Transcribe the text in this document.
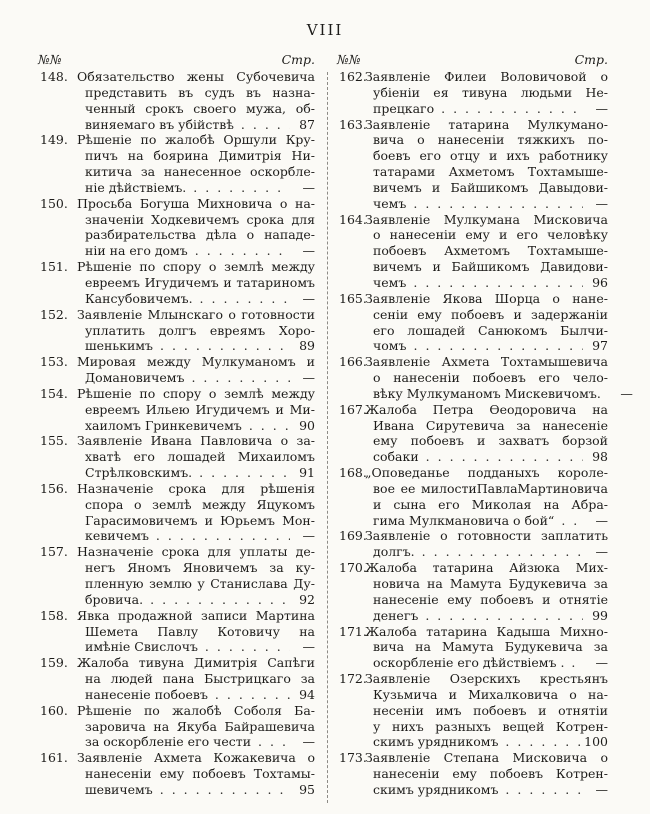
VIII
№№	Стр.
148. Обязательство жены Субочевича
представить въ судъ въ назна-
ченный срокъ своего мужа, об-
виняемаго въ убійствѣ .....	87
149. Рѣшеніе по жалобѣ Оршули Кру-
пичъ на боярина Димитрія Ни-
китича за нанесенное оскорбле-
ніе дѣйствіемъ. .....	—
150. Просьба Богуша Михновича о на-
значеніи Ходкевичемъ срока для
разбирательства дѣла о нападе-
ніи на его домъ .....	—
151. Рѣшеніе по спору о землѣ между
евреемъ Игудичемъ и татариномъ
Кансубовичемъ. .....	—
152. Заявленіе Млынскаго о готовности
уплатить долгъ евреямъ Хоро-
шенькимъ .....	89
153. Мировая между Мулкуманомъ и
Домановичемъ .....	—
154. Рѣшеніе по спору о землѣ между
евреемъ Ильею Игудичемъ и Ми-
хаиломъ Гринкевичемъ .....	90
155. Заявленіе Ивана Павловича о за-
хватѣ его лошадей Михаиломъ
Стрѣлковскимъ. .....	91
156. Назначеніе срока для рѣшенія
спора о землѣ между Яцукомъ
Гарасимовичемъ и Юрьемъ Мон-
кевичемъ .....	—
157. Назначеніе срока для уплаты де-
негъ Яномъ Яновичемъ за ку-
пленную землю у Станислава Ду-
бровича. .....	92
158. Явка продажной записи Мартина
Шемета Павлу Котовичу на
имѣніе Свислочъ .....	—
159. Жалоба тивуна Димитрія Сапѣги
на людей пана Быстрицкаго за
нанесеніе побоевъ .....	94
160. Рѣшеніе по жалобѣ Соболя Ба-
заровича на Якуба Байрашевича
за оскорбленіе его чести .....	—
161. Заявленіе Ахмета Кожакевича о
нанесеніи ему побоевъ Тохтамы-
шевичемъ .....	95
№№	Стр.
162.
Заявленіе Филеи Воловичовой о
убіеніи ея тивуна людьми Не-
прецкаго .....	—
163.
Заявленіе татарина Мулкумано-
вича о нанесеніи тяжкихъ по-
боевъ его отцу и ихъ работнику
татарами Ахметомъ Тохтамыше-
вичемъ и Байшикомъ Давыдови-
чемъ .....	—
164.
Заявленіе Мулкумана Мисковича
о нанесеніи ему и его человѣку
побоевъ Ахметомъ Тохтамыше-
вичемъ и Байшикомъ Давидови-
чемъ .....	96
165.
Заявленіе Якова Шорца о нане-
сеніи ему побоевъ и задержаніи
его лошадей Санюкомъ Былчи-
чомъ .....	97
166.
Заявленіе Ахмета Тохтамышевича
о нанесеніи побоевъ его чело-
вѣку Мулкуманомъ Мискевичомъ.	—
167.
Жалоба Петра Ѳеодоровича на
Ивана Сирутевича за нанесеніе
ему побоевъ и захватъ борзой
собаки .....	98
168.
„Оповеданье подданыхъ короле-
вое ее милостиПавлаМартиновича
и сына его Миколая на Абра-
гима Мулкмановича о бой“ .....	—
169.
Заявленіе о готовности заплатить
долгъ. .....	—
170.
Жалоба татарина Айзюка Мих-
новича на Мамута Будукевича за
нанесеніе ему побоевъ и отнятіе
денегъ .....	99
171.
Жалоба татарина Кадыша Михно-
вича на Мамута Будукевича за
оскорбленіе его дѣйствіемъ . .....	—
172.
Заявленіе Озерскихъ крестьянъ
Кузьмича и Михалковича о на-
несеніи имъ побоевъ и отнятіи
у нихъ разныхъ вещей Котрен-
скимъ урядникомъ .....	100
173.
Заявленіе Степана Мисковича о
нанесеніи ему побоевъ Котрен-
скимъ урядникомъ .....	—
